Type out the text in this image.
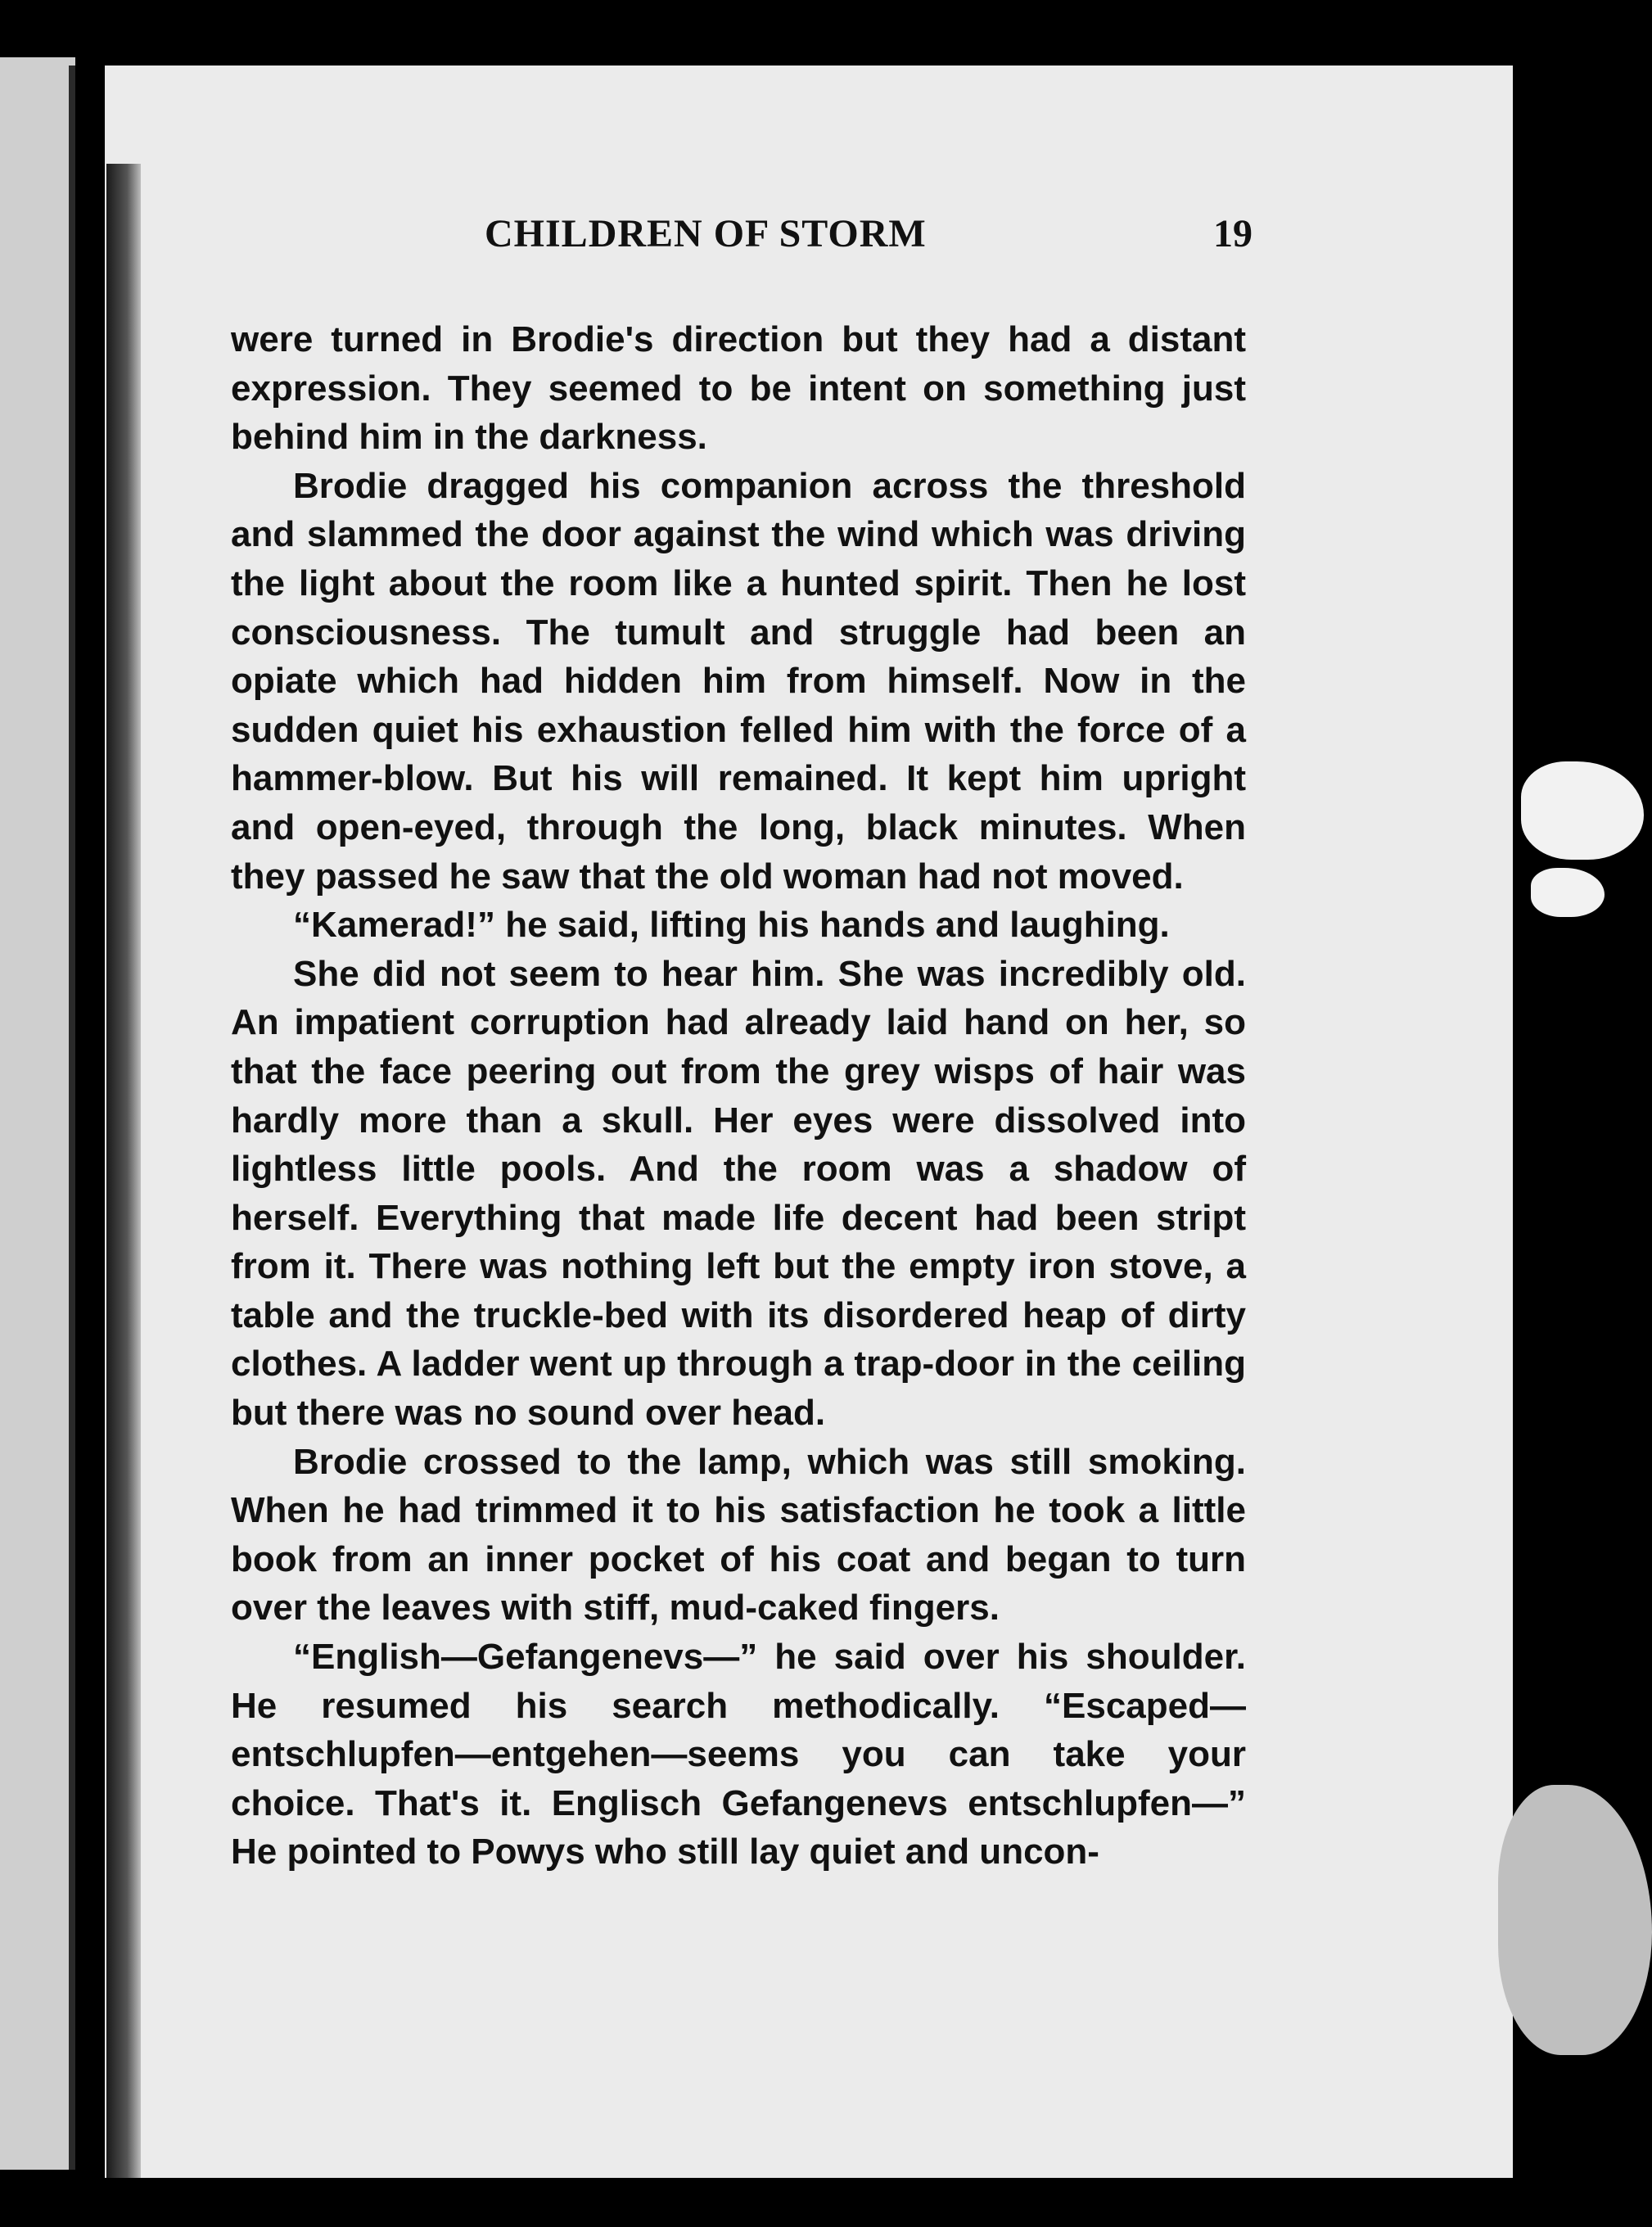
CHILDREN OF STORM	19

were turned in Brodie's direction but they had a distant expression. They seemed to be intent on something just behind him in the darkness.

Brodie dragged his companion across the threshold and slammed the door against the wind which was driving the light about the room like a hunted spirit. Then he lost consciousness. The tumult and struggle had been an opiate which had hidden him from himself. Now in the sudden quiet his exhaustion felled him with the force of a hammer-blow. But his will remained. It kept him upright and open-eyed, through the long, black minutes. When they passed he saw that the old woman had not moved.

“Kamerad!” he said, lifting his hands and laughing.

She did not seem to hear him. She was incredibly old. An impatient corruption had already laid hand on her, so that the face peering out from the grey wisps of hair was hardly more than a skull. Her eyes were dissolved into lightless little pools. And the room was a shadow of herself. Everything that made life decent had been stript from it. There was nothing left but the empty iron stove, a table and the truckle-bed with its disordered heap of dirty clothes. A ladder went up through a trap-door in the ceiling but there was no sound over head.

Brodie crossed to the lamp, which was still smoking. When he had trimmed it to his satisfaction he took a little book from an inner pocket of his coat and began to turn over the leaves with stiff, mud-caked fingers.

“English—Gefangenevs—” he said over his shoulder. He resumed his search methodically. “Escaped—entschlupfen—entgehen—seems you can take your choice. That's it. Englisch Gefangenevs entschlupfen—” He pointed to Powys who still lay quiet and uncon-
